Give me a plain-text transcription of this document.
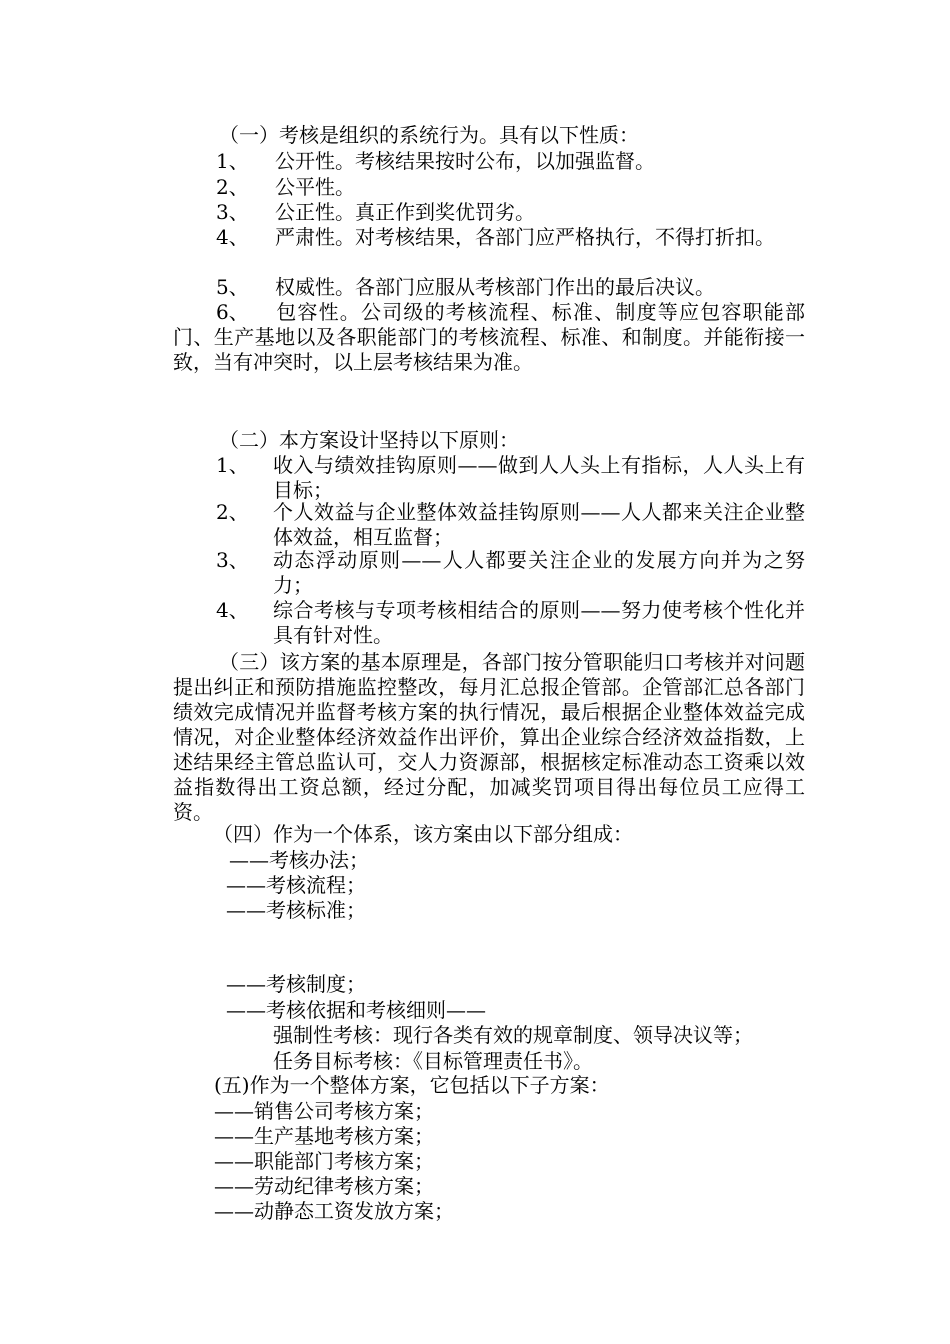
（一）考核是组织的系统行为。具有以下性质：
1、 公开性。考核结果按时公布，以加强监督。
2、 公平性。
3、 公正性。真正作到奖优罚劣。
4、 严肃性。对考核结果，各部门应严格执行，不得打折扣。
5、 权威性。各部门应服从考核部门作出的最后决议。
6、 包容性。公司级的考核流程、标准、制度等应包容职能部门、生产基地以及各职能部门的考核流程、标准、和制度。并能衔接一致，当有冲突时，以上层考核结果为准。
（二）本方案设计坚持以下原则：
1、 收入与绩效挂钩原则——做到人人头上有指标，人人头上有目标；
2、 个人效益与企业整体效益挂钩原则——人人都来关注企业整体效益，相互监督；
3、 动态浮动原则——人人都要关注企业的发展方向并为之努力；
4、 综合考核与专项考核相结合的原则——努力使考核个性化并具有针对性。
（三）该方案的基本原理是，各部门按分管职能归口考核并对问题提出纠正和预防措施监控整改，每月汇总报企管部。企管部汇总各部门绩效完成情况并监督考核方案的执行情况，最后根据企业整体效益完成情况，对企业整体经济效益作出评价，算出企业综合经济效益指数，上述结果经主管总监认可，交人力资源部，根据核定标准动态工资乘以效益指数得出工资总额，经过分配，加减奖罚项目得出每位员工应得工资。
（四）作为一个体系，该方案由以下部分组成：
——考核办法；
——考核流程；
——考核标准；
——考核制度；
——考核依据和考核细则——
强制性考核：现行各类有效的规章制度、领导决议等；
任务目标考核：《目标管理责任书》。
(五)作为一个整体方案，它包括以下子方案：
——销售公司考核方案；
——生产基地考核方案；
——职能部门考核方案；
——劳动纪律考核方案；
——动静态工资发放方案；
